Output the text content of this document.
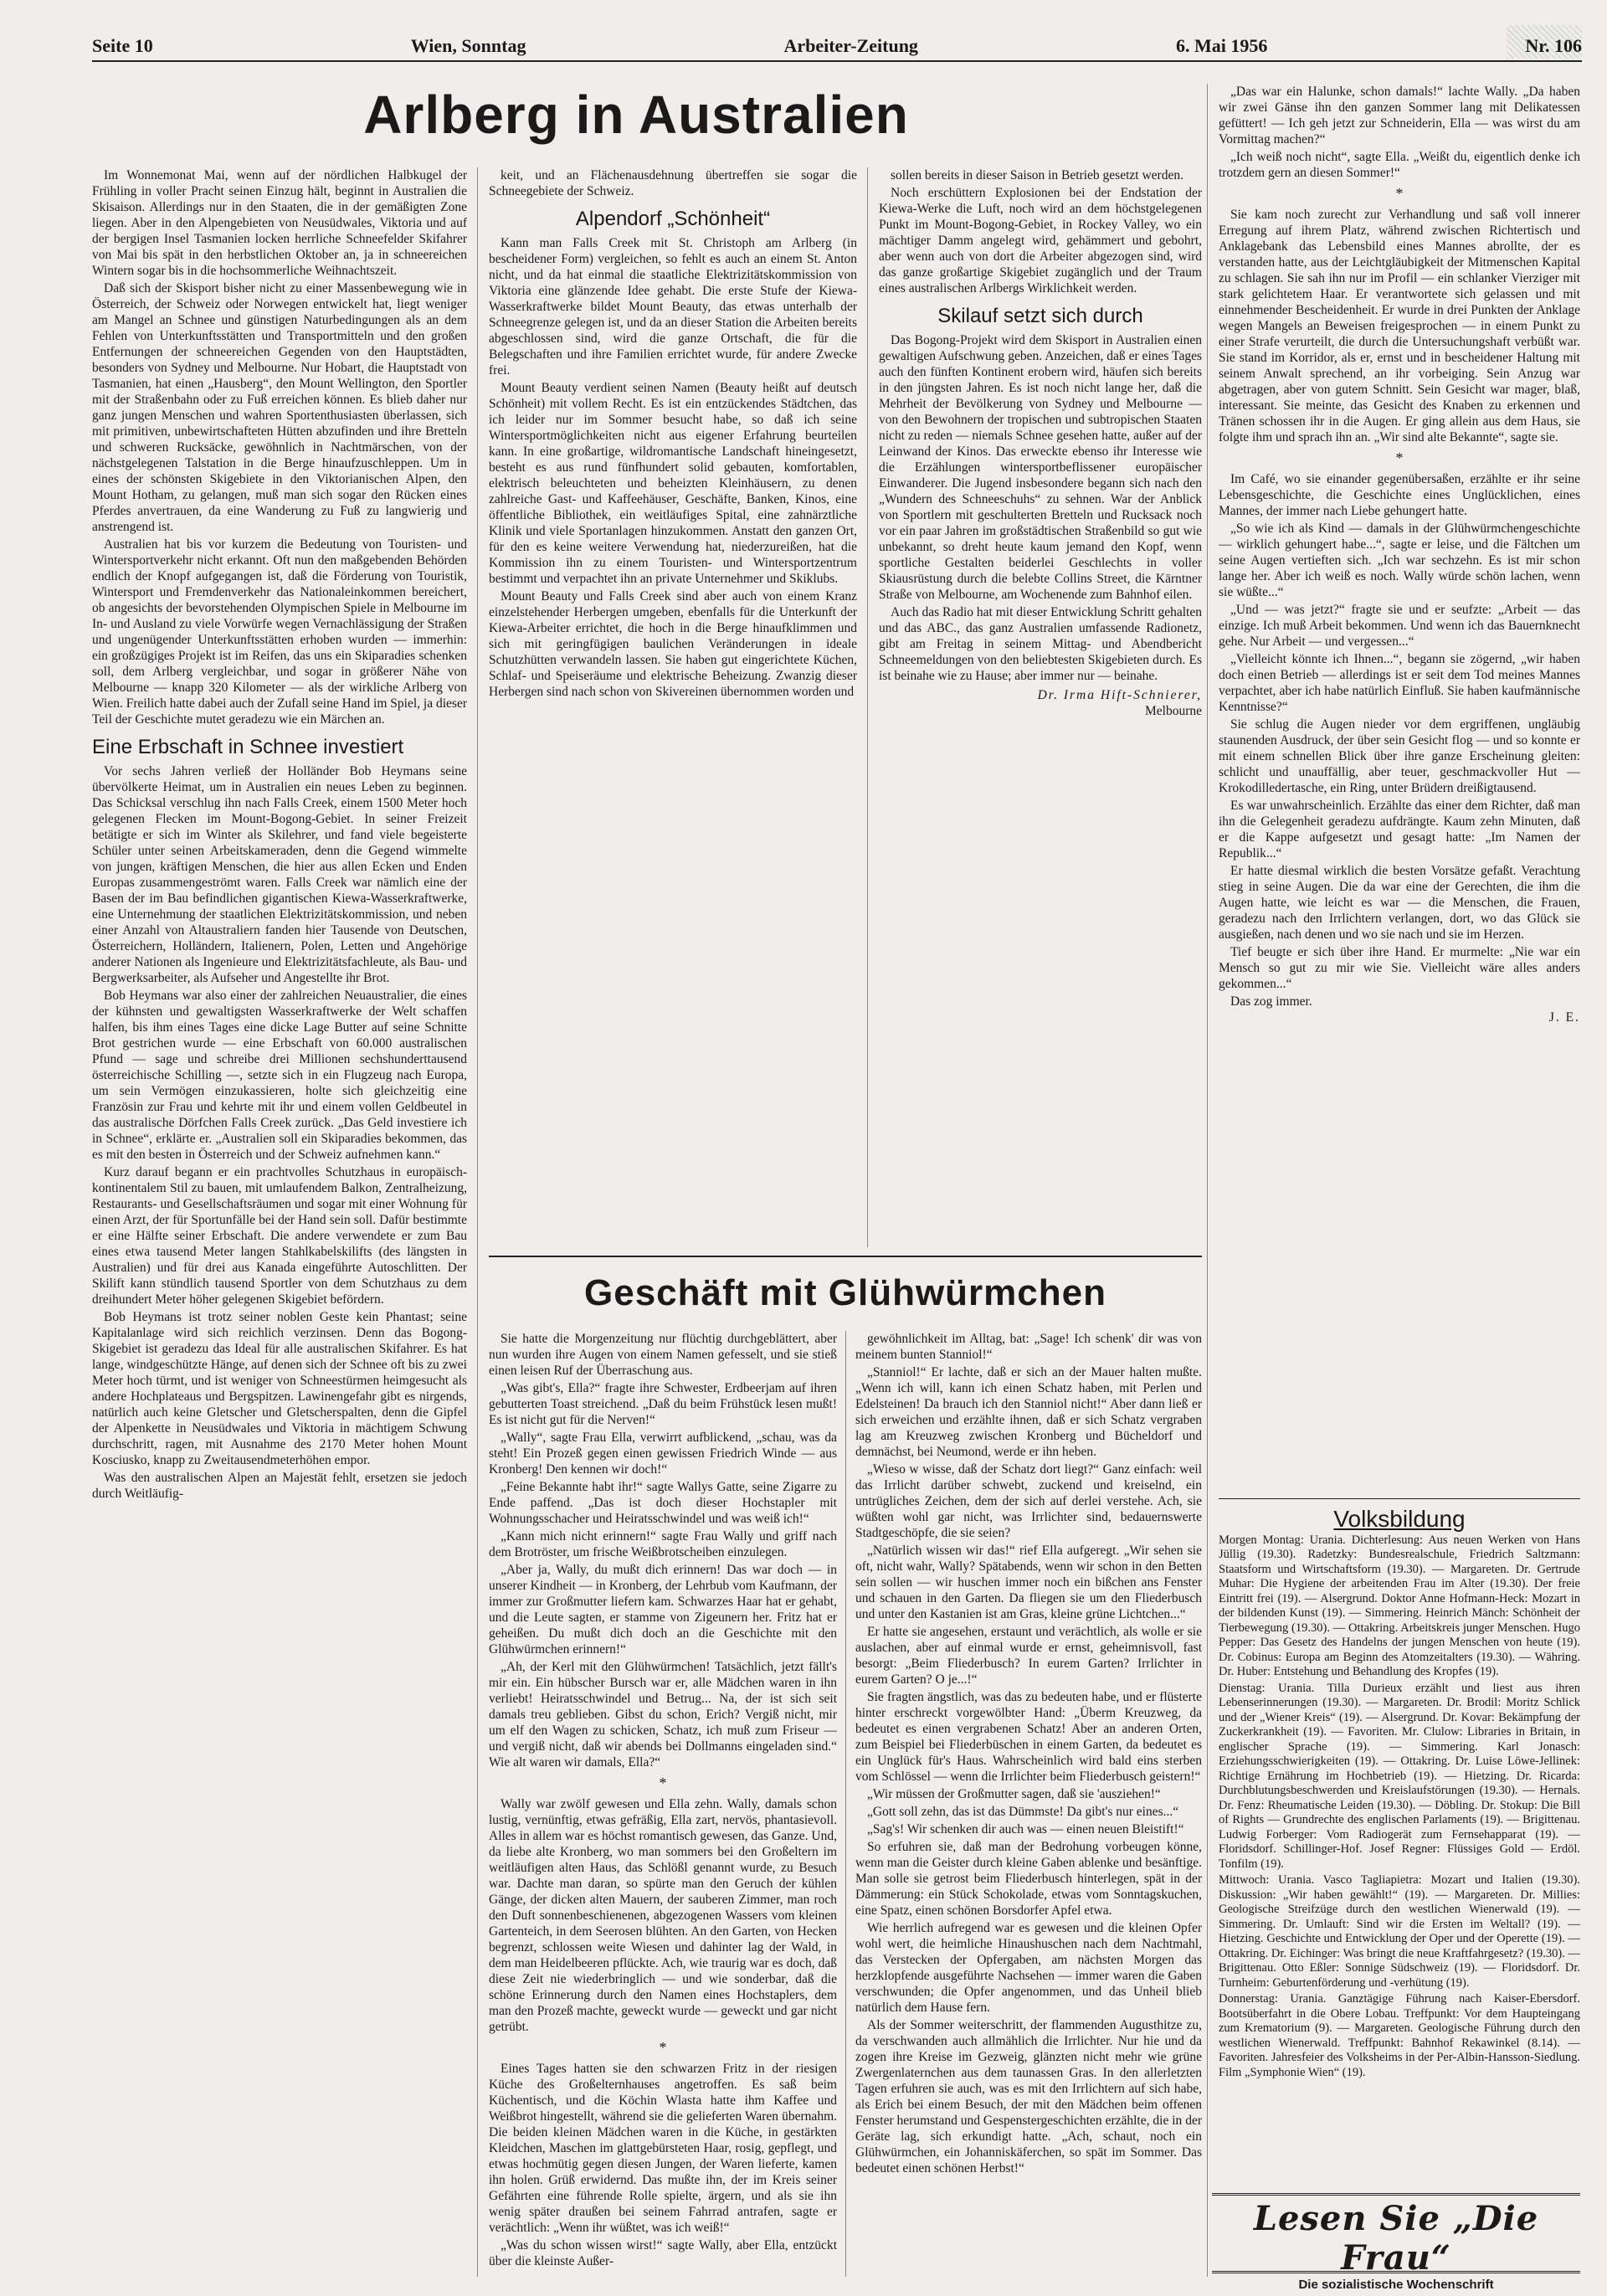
Seite 10	Wien, Sonntag	Arbeiter-Zeitung	6. Mai 1956	Nr. 106
Arlberg in Australien

Im Wonnemonat Mai, wenn auf der nördlichen Halbkugel der Frühling in voller Pracht seinen Einzug hält, beginnt in Australien die Skisaison. Allerdings nur in den Staaten, die in der gemäßigten Zone liegen. Aber in den Alpengebieten von Neusüdwales, Viktoria und auf der bergigen Insel Tasmanien locken herrliche Schneefelder Skifahrer von Mai bis spät in den herbstlichen Oktober an, ja in schneereichen Wintern sogar bis in die hochsommerliche Weihnachtszeit.

Daß sich der Skisport bisher nicht zu einer Massenbewegung wie in Österreich, der Schweiz oder Norwegen entwickelt hat, liegt weniger am Mangel an Schnee und günstigen Naturbedingungen als an dem Fehlen von Unterkunftsstätten und Transportmitteln und den großen Entfernungen der schneereichen Gegenden von den Hauptstädten, besonders von Sydney und Melbourne. Nur Hobart, die Hauptstadt von Tasmanien, hat einen „Hausberg“, den Mount Wellington, den Sportler mit der Straßenbahn oder zu Fuß erreichen können. Es blieb daher nur ganz jungen Menschen und wahren Sportenthusiasten überlassen, sich mit primitiven, unbewirtschafteten Hütten abzufinden und ihre Bretteln und schweren Rucksäcke, gewöhnlich in Nachtmärschen, von der nächstgelegenen Talstation in die Berge hinaufzuschleppen. Um in eines der schönsten Skigebiete in den Viktorianischen Alpen, den Mount Hotham, zu gelangen, muß man sich sogar den Rücken eines Pferdes anvertrauen, da eine Wanderung zu Fuß zu langwierig und anstrengend ist.

Australien hat bis vor kurzem die Bedeutung von Touristen- und Wintersportverkehr nicht erkannt. Oft nun den maßgebenden Behörden endlich der Knopf aufgegangen ist, daß die Förderung von Touristik, Wintersport und Fremdenverkehr das Nationaleinkommen bereichert, ob angesichts der bevorstehenden Olympischen Spiele in Melbourne im In- und Ausland zu viele Vorwürfe wegen Vernachlässigung der Straßen und ungenügender Unterkunftsstätten erhoben wurden — immerhin: ein großzügiges Projekt ist im Reifen, das uns ein Skiparadies schenken soll, dem Arlberg vergleichbar, und sogar in größerer Nähe von Melbourne — knapp 320 Kilometer — als der wirkliche Arlberg von Wien. Freilich hatte dabei auch der Zufall seine Hand im Spiel, ja dieser Teil der Geschichte mutet geradezu wie ein Märchen an.

Eine Erbschaft in Schnee investiert

Vor sechs Jahren verließ der Holländer Bob Heymans seine übervölkerte Heimat, um in Australien ein neues Leben zu beginnen. Das Schicksal verschlug ihn nach Falls Creek, einem 1500 Meter hoch gelegenen Flecken im Mount-Bogong-Gebiet. In seiner Freizeit betätigte er sich im Winter als Skilehrer, und fand viele begeisterte Schüler unter seinen Arbeitskameraden, denn die Gegend wimmelte von jungen, kräftigen Menschen, die hier aus allen Ecken und Enden Europas zusammengeströmt waren. Falls Creek war nämlich eine der Basen der im Bau befindlichen gigantischen Kiewa-Wasserkraftwerke, eine Unternehmung der staatlichen Elektrizitätskommission, und neben einer Anzahl von Altaustraliern fanden hier Tausende von Deutschen, Österreichern, Holländern, Italienern, Polen, Letten und Angehörige anderer Nationen als Ingenieure und Elektrizitätsfachleute, als Bau- und Bergwerksarbeiter, als Aufseher und Angestellte ihr Brot.

Bob Heymans war also einer der zahlreichen Neuaustralier, die eines der kühnsten und gewaltigsten Wasserkraftwerke der Welt schaffen halfen, bis ihm eines Tages eine dicke Lage Butter auf seine Schnitte Brot gestrichen wurde — eine Erbschaft von 60.000 australischen Pfund — sage und schreibe drei Millionen sechshunderttausend österreichische Schilling —, setzte sich in ein Flugzeug nach Europa, um sein Vermögen einzukassieren, holte sich gleichzeitig eine Französin zur Frau und kehrte mit ihr und einem vollen Geldbeutel in das australische Dörfchen Falls Creek zurück. „Das Geld investiere ich in Schnee“, erklärte er. „Australien soll ein Skiparadies bekommen, das es mit den besten in Österreich und der Schweiz aufnehmen kann.“

Kurz darauf begann er ein prachtvolles Schutzhaus in europäisch-kontinentalem Stil zu bauen, mit umlaufendem Balkon, Zentralheizung, Restaurants- und Gesellschaftsräumen und sogar mit einer Wohnung für einen Arzt, der für Sportunfälle bei der Hand sein soll. Dafür bestimmte er eine Hälfte seiner Erbschaft. Die andere verwendete er zum Bau eines etwa tausend Meter langen Stahlkabelskilifts (des längsten in Australien) und für drei aus Kanada eingeführte Autoschlitten. Der Skilift kann stündlich tausend Sportler von dem Schutzhaus zu dem dreihundert Meter höher gelegenen Skigebiet befördern.

Bob Heymans ist trotz seiner noblen Geste kein Phantast; seine Kapitalanlage wird sich reichlich verzinsen. Denn das Bogong-Skigebiet ist geradezu das Ideal für alle australischen Skifahrer. Es hat lange, windgeschützte Hänge, auf denen sich der Schnee oft bis zu zwei Meter hoch türmt, und ist weniger von Schneestürmen heimgesucht als andere Hochplateaus und Bergspitzen. Lawinengefahr gibt es nirgends, natürlich auch keine Gletscher und Gletscherspalten, denn die Gipfel der Alpenkette in Neusüdwales und Viktoria in mächtigem Schwung durchschritt, ragen, mit Ausnahme des 2170 Meter hohen Mount Kosciusko, knapp zu Zweitausendmeterhöhen empor.

Was den australischen Alpen an Majestät fehlt, ersetzen sie jedoch durch Weitläufig-

keit, und an Flächenausdehnung übertreffen sie sogar die Schneegebiete der Schweiz.

Alpendorf „Schönheit“

Kann man Falls Creek mit St. Christoph am Arlberg (in bescheidener Form) vergleichen, so fehlt es auch an einem St. Anton nicht, und da hat einmal die staatliche Elektrizitätskommission von Viktoria eine glänzende Idee gehabt. Die erste Stufe der Kiewa-Wasserkraftwerke bildet Mount Beauty, das etwas unterhalb der Schneegrenze gelegen ist, und da an dieser Station die Arbeiten bereits abgeschlossen sind, wird die ganze Ortschaft, die für die Belegschaften und ihre Familien errichtet wurde, für andere Zwecke frei.

Mount Beauty verdient seinen Namen (Beauty heißt auf deutsch Schönheit) mit vollem Recht. Es ist ein entzückendes Städtchen, das ich leider nur im Sommer besucht habe, so daß ich seine Wintersportmöglichkeiten nicht aus eigener Erfahrung beurteilen kann. In eine großartige, wildromantische Landschaft hineingesetzt, besteht es aus rund fünfhundert solid gebauten, komfortablen, elektrisch beleuchteten und beheizten Kleinhäusern, zu denen zahlreiche Gast- und Kaffeehäuser, Geschäfte, Banken, Kinos, eine öffentliche Bibliothek, ein weitläufiges Spital, eine zahnärztliche Klinik und viele Sportanlagen hinzukommen. Anstatt den ganzen Ort, für den es keine weitere Verwendung hat, niederzureißen, hat die Kommission ihn zu einem Touristen- und Wintersportzentrum bestimmt und verpachtet ihn an private Unternehmer und Skiklubs.

Mount Beauty und Falls Creek sind aber auch von einem Kranz einzelstehender Herbergen umgeben, ebenfalls für die Unterkunft der Kiewa-Arbeiter errichtet, die hoch in die Berge hinaufklimmen und sich mit geringfügigen baulichen Veränderungen in ideale Schutzhütten verwandeln lassen. Sie haben gut eingerichtete Küchen, Schlaf- und Speiseräume und elektrische Beheizung. Zwanzig dieser Herbergen sind nach schon von Skivereinen übernommen worden und

sollen bereits in dieser Saison in Betrieb gesetzt werden.

Noch erschüttern Explosionen bei der Endstation der Kiewa-Werke die Luft, noch wird an dem höchstgelegenen Punkt im Mount-Bogong-Gebiet, in Rockey Valley, wo ein mächtiger Damm angelegt wird, gehämmert und gebohrt, aber wenn auch von dort die Arbeiter abgezogen sind, wird das ganze großartige Skigebiet zugänglich und der Traum eines australischen Arlbergs Wirklichkeit werden.

Skilauf setzt sich durch

Das Bogong-Projekt wird dem Skisport in Australien einen gewaltigen Aufschwung geben. Anzeichen, daß er eines Tages auch den fünften Kontinent erobern wird, häufen sich bereits in den jüngsten Jahren. Es ist noch nicht lange her, daß die Mehrheit der Bevölkerung von Sydney und Melbourne — von den Bewohnern der tropischen und subtropischen Staaten nicht zu reden — niemals Schnee gesehen hatte, außer auf der Leinwand der Kinos. Das erweckte ebenso ihr Interesse wie die Erzählungen wintersportbeflissener europäischer Einwanderer. Die Jugend insbesondere begann sich nach den „Wundern des Schneeschuhs“ zu sehnen. War der Anblick von Sportlern mit geschulterten Bretteln und Rucksack noch vor ein paar Jahren im großstädtischen Straßenbild so gut wie unbekannt, so dreht heute kaum jemand den Kopf, wenn sportliche Gestalten beiderlei Geschlechts in voller Skiausrüstung durch die belebte Collins Street, die Kärntner Straße von Melbourne, am Wochenende zum Bahnhof eilen.

Auch das Radio hat mit dieser Entwicklung Schritt gehalten und das ABC., das ganz Australien umfassende Radionetz, gibt am Freitag in seinem Mittag- und Abendbericht Schneemeldungen von den beliebtesten Skigebieten durch. Es ist beinahe wie zu Hause; aber immer nur — beinahe.

Dr. Irma Hift-Schnierer,
Melbourne
Geschäft mit Glühwürmchen

Sie hatte die Morgenzeitung nur flüchtig durchgeblättert, aber nun wurden ihre Augen von einem Namen gefesselt, und sie stieß einen leisen Ruf der Überraschung aus.

„Was gibt's, Ella?“ fragte ihre Schwester, Erdbeerjam auf ihren gebutterten Toast streichend. „Daß du beim Frühstück lesen mußt! Es ist nicht gut für die Nerven!“

„Wally“, sagte Frau Ella, verwirrt aufblickend, „schau, was da steht! Ein Prozeß gegen einen gewissen Friedrich Winde — aus Kronberg! Den kennen wir doch!“

„Feine Bekannte habt ihr!“ sagte Wallys Gatte, seine Zigarre zu Ende paffend. „Das ist doch dieser Hochstapler mit Wohnungsschacher und Heiratsschwindel und was weiß ich!“

„Kann mich nicht erinnern!“ sagte Frau Wally und griff nach dem Brotröster, um frische Weißbrotscheiben einzulegen.

„Aber ja, Wally, du mußt dich erinnern! Das war doch — in unserer Kindheit — in Kronberg, der Lehrbub vom Kaufmann, der immer zur Großmutter liefern kam. Schwarzes Haar hat er gehabt, und die Leute sagten, er stamme von Zigeunern her. Fritz hat er geheißen. Du mußt dich doch an die Geschichte mit den Glühwürmchen erinnern!“

„Ah, der Kerl mit den Glühwürmchen! Tatsächlich, jetzt fällt's mir ein. Ein hübscher Bursch war er, alle Mädchen waren in ihn verliebt! Heiratsschwindel und Betrug... Na, der ist sich seit damals treu geblieben. Gibst du schon, Erich? Vergiß nicht, mir um elf den Wagen zu schicken, Schatz, ich muß zum Friseur — und vergiß nicht, daß wir abends bei Dollmanns eingeladen sind.“ Wie alt waren wir damals, Ella?“

*

Wally war zwölf gewesen und Ella zehn. Wally, damals schon lustig, vernünftig, etwas gefräßig, Ella zart, nervös, phantasievoll. Alles in allem war es höchst romantisch gewesen, das Ganze. Und, da liebe alte Kronberg, wo man sommers bei den Großeltern im weitläufigen alten Haus, das Schlößl genannt wurde, zu Besuch war. Dachte man daran, so spürte man den Geruch der kühlen Gänge, der dicken alten Mauern, der sauberen Zimmer, man roch den Duft sonnenbeschienenen, abgezogenen Wassers vom kleinen Gartenteich, in dem Seerosen blühten. An den Garten, von Hecken begrenzt, schlossen weite Wiesen und dahinter lag der Wald, in dem man Heidelbeeren pflückte. Ach, wie traurig war es doch, daß diese Zeit nie wiederbringlich — und wie sonderbar, daß die schöne Erinnerung durch den Namen eines Hochstaplers, dem man den Prozeß machte, geweckt wurde — geweckt und gar nicht getrübt.

*

Eines Tages hatten sie den schwarzen Fritz in der riesigen Küche des Großelternhauses angetroffen. Es saß beim Küchentisch, und die Köchin Wlasta hatte ihm Kaffee und Weißbrot hingestellt, während sie die gelieferten Waren übernahm. Die beiden kleinen Mädchen waren in die Küche, in gestärkten Kleidchen, Maschen im glattgebürsteten Haar, rosig, gepflegt, und etwas hochmütig gegen diesen Jungen, der Waren lieferte, kamen ihn holen. Grüß erwidernd. Das mußte ihn, der im Kreis seiner Gefährten eine führende Rolle spielte, ärgern, und als sie ihn wenig später draußen bei seinem Fahrrad antrafen, sagte er verächtlich: „Wenn ihr wüßtet, was ich weiß!“

„Was du schon wissen wirst!“ sagte Wally, aber Ella, entzückt über die kleinste Außer-

gewöhnlichkeit im Alltag, bat: „Sage! Ich schenk' dir was von meinem bunten Stanniol!“

„Stanniol!“ Er lachte, daß er sich an der Mauer halten mußte. „Wenn ich will, kann ich einen Schatz haben, mit Perlen und Edelsteinen! Da brauch ich den Stanniol nicht!“ Aber dann ließ er sich erweichen und erzählte ihnen, daß er sich Schatz vergraben lag am Kreuzweg zwischen Kronberg und Bücheldorf und demnächst, bei Neumond, werde er ihn heben.

„Wieso w wisse, daß der Schatz dort liegt?“ Ganz einfach: weil das Irrlicht darüber schwebt, zuckend und kreiselnd, ein untrügliches Zeichen, dem der sich auf derlei verstehe. Ach, sie wüßten wohl gar nicht, was Irrlichter sind, bedauernswerte Stadtgeschöpfe, die sie seien?

„Natürlich wissen wir das!“ rief Ella aufgeregt. „Wir sehen sie oft, nicht wahr, Wally? Spätabends, wenn wir schon in den Betten sein sollen — wir huschen immer noch ein bißchen ans Fenster und schauen in den Garten. Da fliegen sie um den Fliederbusch und unter den Kastanien ist am Gras, kleine grüne Lichtchen...“

Er hatte sie angesehen, erstaunt und verächtlich, als wolle er sie auslachen, aber auf einmal wurde er ernst, geheimnisvoll, fast besorgt: „Beim Fliederbusch? In eurem Garten? Irrlichter in eurem Garten? O je...!“

Sie fragten ängstlich, was das zu bedeuten habe, und er flüsterte hinter erschreckt vorgewölbter Hand: „Überm Kreuzweg, da bedeutet es einen vergrabenen Schatz! Aber an anderen Orten, zum Beispiel bei Fliederbüschen in einem Garten, da bedeutet es ein Unglück für's Haus. Wahrscheinlich wird bald eins sterben vom Schlössel — wenn die Irrlichter beim Fliederbusch geistern!“

„Wir müssen der Großmutter sagen, daß sie 'ausziehen!“

„Gott soll zehn, das ist das Dümmste! Da gibt's nur eines...“

„Sag's! Wir schenken dir auch was — einen neuen Bleistift!“

So erfuhren sie, daß man der Bedrohung vorbeugen könne, wenn man die Geister durch kleine Gaben ablenke und besänftige. Man solle sie getrost beim Fliederbusch hinterlegen, spät in der Dämmerung: ein Stück Schokolade, etwas vom Sonntagskuchen, eine Spatz, einen schönen Borsdorfer Apfel etwa.

Wie herrlich aufregend war es gewesen und die kleinen Opfer wohl wert, die heimliche Hinaushuschen nach dem Nachtmahl, das Verstecken der Opfergaben, am nächsten Morgen das herzklopfende ausgeführte Nachsehen — immer waren die Gaben verschwunden; die Opfer angenommen, und das Unheil blieb natürlich dem Hause fern.

Als der Sommer weiterschritt, der flammenden Augusthitze zu, da verschwanden auch allmählich die Irrlichter. Nur hie und da zogen ihre Kreise im Gezweig, glänzten nicht mehr wie grüne Zwergenlaternchen aus dem taunassen Gras. In den allerletzten Tagen erfuhren sie auch, was es mit den Irrlichtern auf sich habe, als Erich bei einem Besuch, der mit den Mädchen beim offenen Fenster herumstand und Gespenstergeschichten erzählte, die in der Geräte lag, sich erkundigt hatte. „Ach, schaut, noch ein Glühwürmchen, ein Johanniskäferchen, so spät im Sommer. Das bedeutet einen schönen Herbst!“

„Das war ein Halunke, schon damals!“ lachte Wally. „Da haben wir zwei Gänse ihn den ganzen Sommer lang mit Delikatessen gefüttert! — Ich geh jetzt zur Schneiderin, Ella — was wirst du am Vormittag machen?“

„Ich weiß noch nicht“, sagte Ella. „Weißt du, eigentlich denke ich trotzdem gern an diesen Sommer!“

*

Sie kam noch zurecht zur Verhandlung und saß voll innerer Erregung auf ihrem Platz, während zwischen Richtertisch und Anklagebank das Lebensbild eines Mannes abrollte, der es verstanden hatte, aus der Leichtgläubigkeit der Mitmenschen Kapital zu schlagen. Sie sah ihn nur im Profil — ein schlanker Vierziger mit stark gelichtetem Haar. Er verantwortete sich gelassen und mit einnehmender Bescheidenheit. Er wurde in drei Punkten der Anklage wegen Mangels an Beweisen freigesprochen — in einem Punkt zu einer Strafe verurteilt, die durch die Untersuchungshaft verbüßt war. Sie stand im Korridor, als er, ernst und in bescheidener Haltung mit seinem Anwalt sprechend, an ihr vorbeiging. Sein Anzug war abgetragen, aber von gutem Schnitt. Sein Gesicht war mager, blaß, interessant. Sie meinte, das Gesicht des Knaben zu erkennen und Tränen schossen ihr in die Augen. Er ging allein aus dem Haus, sie folgte ihm und sprach ihn an. „Wir sind alte Bekannte“, sagte sie.

*

Im Café, wo sie einander gegenübersaßen, erzählte er ihr seine Lebensgeschichte, die Geschichte eines Unglücklichen, eines Mannes, der immer nach Liebe gehungert hatte.

„So wie ich als Kind — damals in der Glühwürmchengeschichte — wirklich gehungert habe...“, sagte er leise, und die Fältchen um seine Augen vertieften sich. „Ich war sechzehn. Es ist mir schon lange her. Aber ich weiß es noch. Wally würde schön lachen, wenn sie wüßte...“

„Und — was jetzt?“ fragte sie und er seufzte: „Arbeit — das einzige. Ich muß Arbeit bekommen. Und wenn ich das Bauernknecht gehe. Nur Arbeit — und vergessen...“

„Vielleicht könnte ich Ihnen...“, begann sie zögernd, „wir haben doch einen Betrieb — allerdings ist er seit dem Tod meines Mannes verpachtet, aber ich habe natürlich Einfluß. Sie haben kaufmännische Kenntnisse?“

Sie schlug die Augen nieder vor dem ergriffenen, ungläubig staunenden Ausdruck, der über sein Gesicht flog — und so konnte er mit einem schnellen Blick über ihre ganze Erscheinung gleiten: schlicht und unauffällig, aber teuer, geschmackvoller Hut — Krokodilledertasche, ein Ring, unter Brüdern dreißigtausend.

Es war unwahrscheinlich. Erzählte das einer dem Richter, daß man ihn die Gelegenheit geradezu aufdrängte. Kaum zehn Minuten, daß er die Kappe aufgesetzt und gesagt hatte: „Im Namen der Republik...“

Er hatte diesmal wirklich die besten Vorsätze gefaßt. Verachtung stieg in seine Augen. Die da war eine der Gerechten, die ihm die Augen hatte, wie leicht es war — die Menschen, die Frauen, geradezu nach den Irrlichtern verlangen, dort, wo das Glück sie ausgießen, nach denen und wo sie nach und sie im Herzen.

Tief beugte er sich über ihre Hand. Er murmelte: „Nie war ein Mensch so gut zu mir wie Sie. Vielleicht wäre alles anders gekommen...“

Das zog immer.

J. E.
Volksbildung

Morgen Montag: Urania. Dichterlesung: Aus neuen Werken von Hans Jüllig (19.30). Radetzky: Bundesrealschule, Friedrich Saltzmann: Staatsform und Wirtschaftsform (19.30). — Margareten. Dr. Gertrude Muhar: Die Hygiene der arbeitenden Frau im Alter (19.30). Der freie Eintritt frei (19). — Alsergrund. Doktor Anne Hofmann-Heck: Mozart in der bildenden Kunst (19). — Simmering. Heinrich Mänch: Schönheit der Tierbewegung (19.30). — Ottakring. Arbeitskreis junger Menschen. Hugo Pepper: Das Gesetz des Handelns der jungen Menschen von heute (19). Dr. Cobinus: Europa am Beginn des Atomzeitalters (19.30). — Währing. Dr. Huber: Entstehung und Behandlung des Kropfes (19).

Dienstag: Urania. Tilla Durieux erzählt und liest aus ihren Lebenserinnerungen (19.30). — Margareten. Dr. Brodil: Moritz Schlick und der „Wiener Kreis“ (19). — Alsergrund. Dr. Kovar: Bekämpfung der Zuckerkrankheit (19). — Favoriten. Mr. Clulow: Libraries in Britain, in englischer Sprache (19). — Simmering. Karl Jonasch: Erziehungsschwierigkeiten (19). — Ottakring. Dr. Luise Löwe-Jellinek: Richtige Ernährung im Hochbetrieb (19). — Hietzing. Dr. Ricarda: Durchblutungsbeschwerden und Kreislaufstörungen (19.30). — Hernals. Dr. Fenz: Rheumatische Leiden (19.30). — Döbling. Dr. Stokup: Die Bill of Rights — Grundrechte des englischen Parlaments (19). — Brigittenau. Ludwig Forberger: Vom Radiogerät zum Fernsehapparat (19). — Floridsdorf. Schillinger-Hof. Josef Regner: Flüssiges Gold — Erdöl. Tonfilm (19).

Mittwoch: Urania. Vasco Tagliapietra: Mozart und Italien (19.30). Diskussion: „Wir haben gewählt!“ (19). — Margareten. Dr. Millies: Geologische Streifzüge durch den westlichen Wienerwald (19). — Simmering. Dr. Umlauft: Sind wir die Ersten im Weltall? (19). — Hietzing. Geschichte und Entwicklung der Oper und der Operette (19). — Ottakring. Dr. Eichinger: Was bringt die neue Kraftfahrgesetz? (19.30). — Brigittenau. Otto Eßler: Sonnige Südschweiz (19). — Floridsdorf. Dr. Turnheim: Geburtenförderung und -verhütung (19).

Donnerstag: Urania. Ganztägige Führung nach Kaiser-Ebersdorf. Bootsüberfahrt in die Obere Lobau. Treffpunkt: Vor dem Haupteingang zum Krematorium (9). — Margareten. Geologische Führung durch den westlichen Wienerwald. Treffpunkt: Bahnhof Rekawinkel (8.14). — Favoriten. Jahresfeier des Volksheims in der Per-Albin-Hansson-Siedlung. Film „Symphonie Wien“ (19).

Lesen Sie „Die Frau“
Die sozialistische Wochenschrift
